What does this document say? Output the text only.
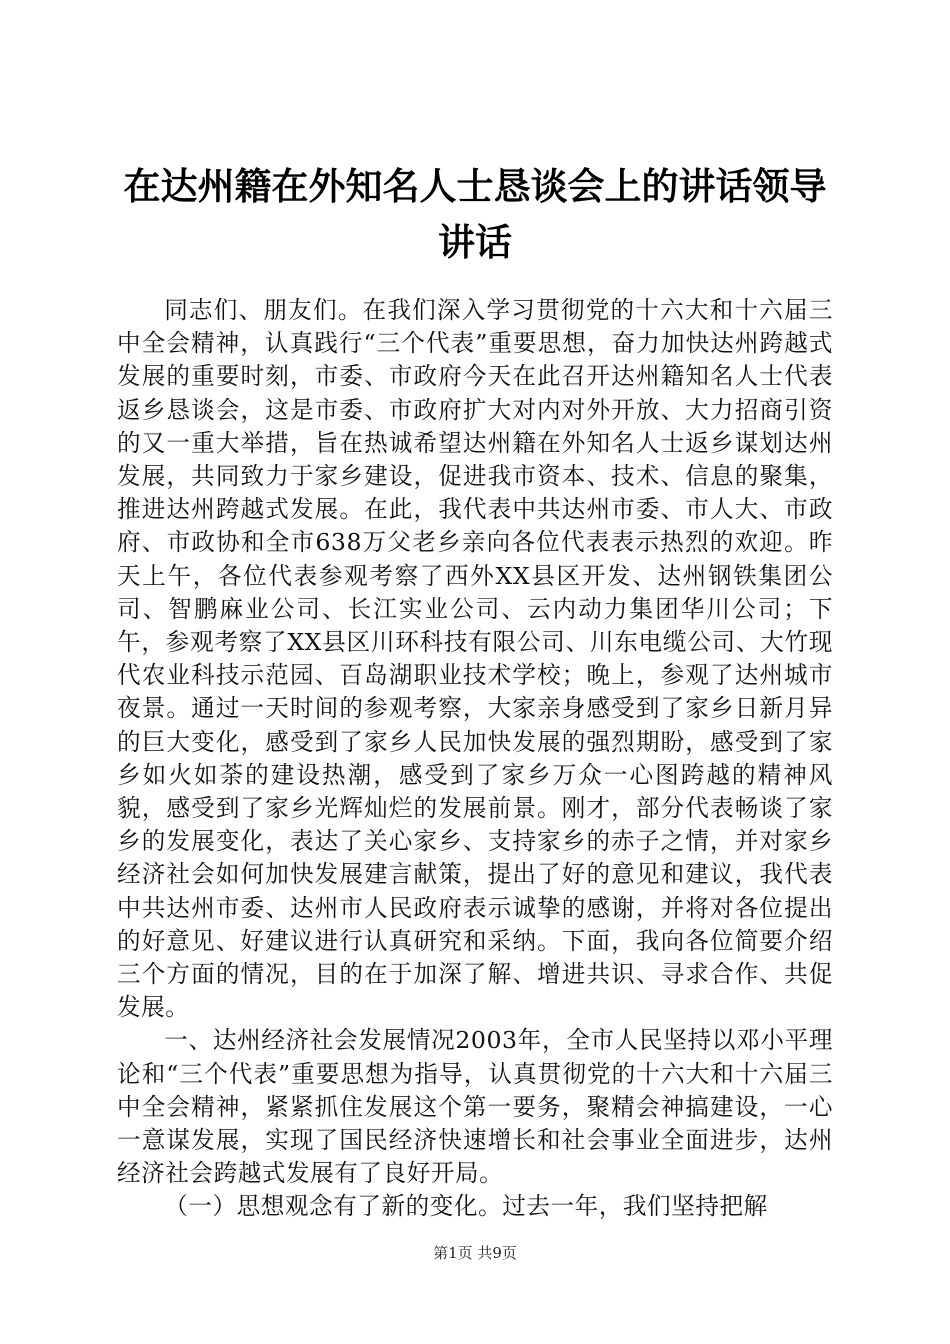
在达州籍在外知名人士恳谈会上的讲话领导讲话

同志们、朋友们。在我们深入学习贯彻党的十六大和十六届三中全会精神，认真践行“三个代表”重要思想，奋力加快达州跨越式发展的重要时刻，市委、市政府今天在此召开达州籍知名人士代表返乡恳谈会，这是市委、市政府扩大对内对外开放、大力招商引资的又一重大举措，旨在热诚希望达州籍在外知名人士返乡谋划达州发展，共同致力于家乡建设，促进我市资本、技术、信息的聚集，推进达州跨越式发展。在此，我代表中共达州市委、市人大、市政府、市政协和全市638万父老乡亲向各位代表表示热烈的欢迎。昨天上午，各位代表参观考察了西外XX县区开发、达州钢铁集团公司、智鹏麻业公司、长江实业公司、云内动力集团华川公司；下午，参观考察了XX县区川环科技有限公司、川东电缆公司、大竹现代农业科技示范园、百岛湖职业技术学校；晚上，参观了达州城市夜景。通过一天时间的参观考察，大家亲身感受到了家乡日新月异的巨大变化，感受到了家乡人民加快发展的强烈期盼，感受到了家乡如火如荼的建设热潮，感受到了家乡万众一心图跨越的精神风貌，感受到了家乡光辉灿烂的发展前景。刚才，部分代表畅谈了家乡的发展变化，表达了关心家乡、支持家乡的赤子之情，并对家乡经济社会如何加快发展建言献策，提出了好的意见和建议，我代表中共达州市委、达州市人民政府表示诚挚的感谢，并将对各位提出的好意见、好建议进行认真研究和采纳。下面，我向各位简要介绍三个方面的情况，目的在于加深了解、增进共识、寻求合作、共促发展。

一、达州经济社会发展情况2003年，全市人民坚持以邓小平理论和“三个代表”重要思想为指导，认真贯彻党的十六大和十六届三中全会精神，紧紧抓住发展这个第一要务，聚精会神搞建设，一心一意谋发展，实现了国民经济快速增长和社会事业全面进步，达州经济社会跨越式发展有了良好开局。

（一）思想观念有了新的变化。过去一年，我们坚持把解

第1页 共9页
